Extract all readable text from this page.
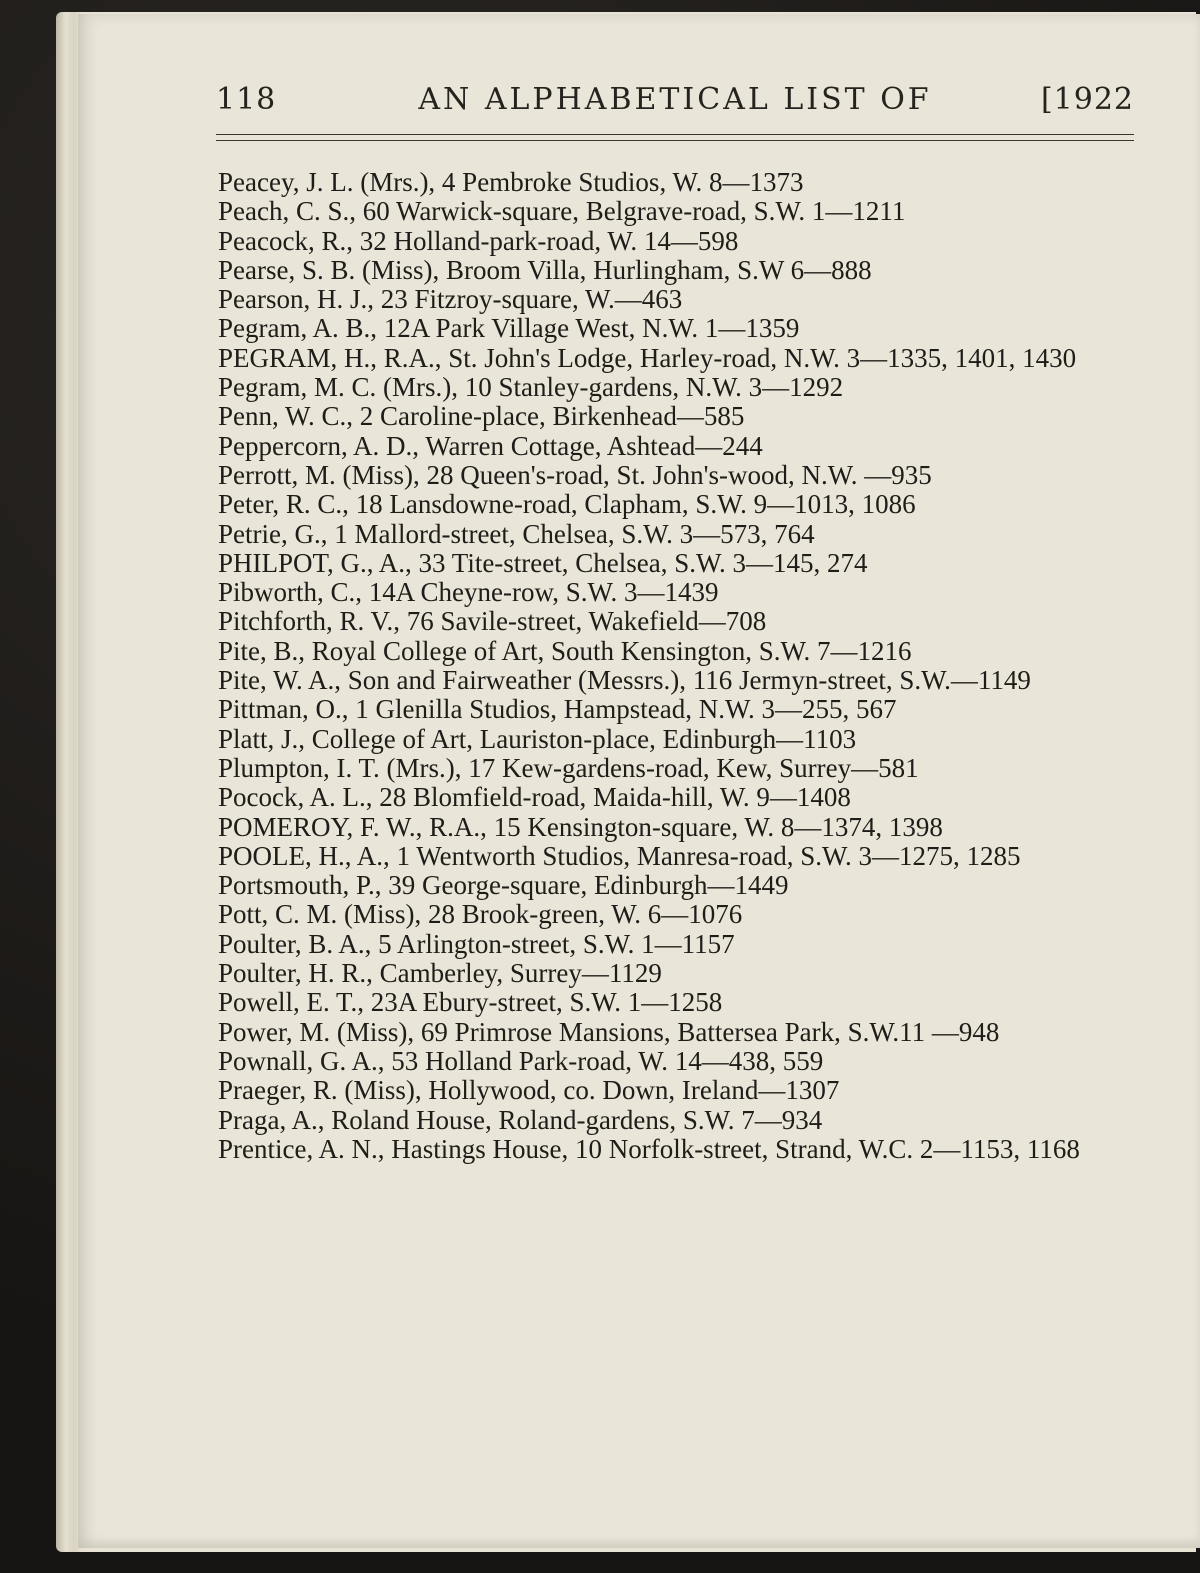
118	AN ALPHABETICAL LIST OF	[1922
Peacey, J. L. (Mrs.), 4 Pembroke Studios, W. 8—1373
Peach, C. S., 60 Warwick-square, Belgrave-road, S.W. 1—1211
Peacock, R., 32 Holland-park-road, W. 14—598
Pearse, S. B. (Miss), Broom Villa, Hurlingham, S.W 6—888
Pearson, H. J., 23 Fitzroy-square, W.—463
Pegram, A. B., 12A Park Village West, N.W. 1—1359
PEGRAM, H., R.A., St. John's Lodge, Harley-road, N.W. 3—1335, 1401, 1430
Pegram, M. C. (Mrs.), 10 Stanley-gardens, N.W. 3—1292
Penn, W. C., 2 Caroline-place, Birkenhead—585
Peppercorn, A. D., Warren Cottage, Ashtead—244
Perrott, M. (Miss), 28 Queen's-road, St. John's-wood, N.W. —935
Peter, R. C., 18 Lansdowne-road, Clapham, S.W. 9—1013, 1086
Petrie, G., 1 Mallord-street, Chelsea, S.W. 3—573, 764
PHILPOT, G., A., 33 Tite-street, Chelsea, S.W. 3—145, 274
Pibworth, C., 14A Cheyne-row, S.W. 3—1439
Pitchforth, R. V., 76 Savile-street, Wakefield—708
Pite, B., Royal College of Art, South Kensington, S.W. 7—1216
Pite, W. A., Son and Fairweather (Messrs.), 116 Jermyn-street, S.W.—1149
Pittman, O., 1 Glenilla Studios, Hampstead, N.W. 3—255, 567
Platt, J., College of Art, Lauriston-place, Edinburgh—1103
Plumpton, I. T. (Mrs.), 17 Kew-gardens-road, Kew, Surrey—581
Pocock, A. L., 28 Blomfield-road, Maida-hill, W. 9—1408
POMEROY, F. W., R.A., 15 Kensington-square, W. 8—1374, 1398
POOLE, H., A., 1 Wentworth Studios, Manresa-road, S.W. 3—1275, 1285
Portsmouth, P., 39 George-square, Edinburgh—1449
Pott, C. M. (Miss), 28 Brook-green, W. 6—1076
Poulter, B. A., 5 Arlington-street, S.W. 1—1157
Poulter, H. R., Camberley, Surrey—1129
Powell, E. T., 23A Ebury-street, S.W. 1—1258
Power, M. (Miss), 69 Primrose Mansions, Battersea Park, S.W.11 —948
Pownall, G. A., 53 Holland Park-road, W. 14—438, 559
Praeger, R. (Miss), Hollywood, co. Down, Ireland—1307
Praga, A., Roland House, Roland-gardens, S.W. 7—934
Prentice, A. N., Hastings House, 10 Norfolk-street, Strand, W.C. 2—1153, 1168
